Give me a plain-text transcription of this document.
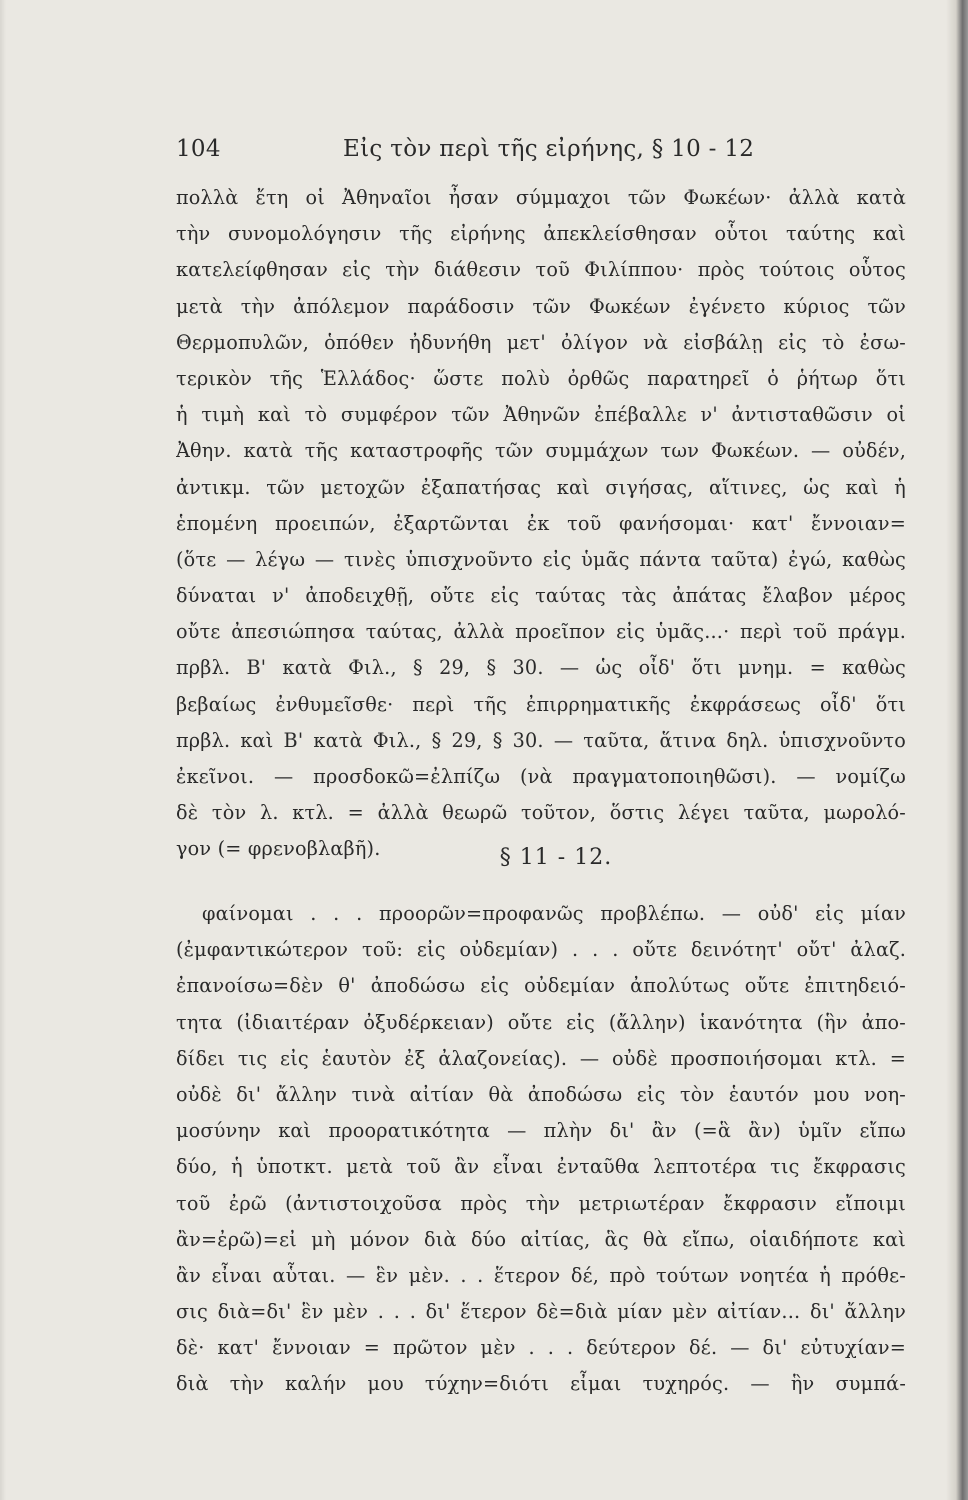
104	Εἰς τὸν περὶ τῆς εἰρήνης, § 10 - 12
πολλὰ ἔτη οἱ Ἀθηναῖοι ἦσαν σύμμαχοι τῶν Φωκέων· ἀλλὰ κατὰ
τὴν συνομολόγησιν τῆς εἰρήνης ἀπεκλείσθησαν οὗτοι ταύτης καὶ
κατελείφθησαν εἰς τὴν διάθεσιν τοῦ Φιλίππου· πρὸς τούτοις οὗτος
μετὰ τὴν ἀπόλεμον παράδοσιν τῶν Φωκέων ἐγένετο κύριος τῶν
Θερμοπυλῶν, ὁπόθεν ἠδυνήθη μετ' ὀλίγον νὰ εἰσβάλῃ εἰς τὸ ἐσω-
τερικὸν τῆς Ἑλλάδος· ὥστε πολὺ ὀρθῶς παρατηρεῖ ὁ ῥήτωρ ὅτι
ἡ τιμὴ καὶ τὸ συμφέρον τῶν Ἀθηνῶν ἐπέβαλλε ν' ἀντισταθῶσιν οἱ
Ἀθην. κατὰ τῆς καταστροφῆς τῶν συμμάχων των Φωκέων. — οὐδέν,
ἀντικμ. τῶν μετοχῶν ἐξαπατήσας καὶ σιγήσας, αἵτινες, ὡς καὶ ἡ
ἑπομένη προειπών, ἐξαρτῶνται ἐκ τοῦ φανήσομαι· κατ' ἔννοιαν=
(ὅτε — λέγω — τινὲς ὑπισχνοῦντο εἰς ὑμᾶς πάντα ταῦτα) ἐγώ, καθὼς
δύναται ν' ἀποδειχθῇ, οὔτε εἰς ταύτας τὰς ἀπάτας ἔλαβον μέρος
οὔτε ἀπεσιώπησα ταύτας, ἀλλὰ προεῖπον εἰς ὑμᾶς...· περὶ τοῦ πράγμ.
πρβλ. Β' κατὰ Φιλ., § 29, § 30. — ὡς οἶδ' ὅτι μνημ. = καθὼς
βεβαίως ἐνθυμεῖσθε· περὶ τῆς ἐπιρρηματικῆς ἐκφράσεως οἶδ' ὅτι
πρβλ. καὶ Β' κατὰ Φιλ., § 29, § 30. — ταῦτα, ἅτινα δηλ. ὑπισχνοῦντο
ἐκεῖνοι. — προσδοκῶ=ἐλπίζω (νὰ πραγματοποιηθῶσι). — νομίζω
δὲ τὸν λ. κτλ. = ἀλλὰ θεωρῶ τοῦτον, ὅστις λέγει ταῦτα, μωρολό-
γον (= φρενοβλαβῆ).	§ 11 - 12.
φαίνομαι . . . προορῶν=προφανῶς προβλέπω. — οὐδ' εἰς μίαν
(ἐμφαντικώτερον τοῦ: εἰς οὐδεμίαν) . . . οὔτε δεινότητ' οὔτ' ἀλαζ.
ἐπανοίσω=δὲν θ' ἀποδώσω εἰς οὐδεμίαν ἀπολύτως οὔτε ἐπιτηδειό-
τητα (ἰδιαιτέραν ὀξυδέρκειαν) οὔτε εἰς (ἄλλην) ἱκανότητα (ἣν ἀπο-
δίδει τις εἰς ἑαυτὸν ἐξ ἀλαζονείας). — οὐδὲ προσποιήσομαι κτλ. =
οὐδὲ δι' ἄλλην τινὰ αἰτίαν θὰ ἀποδώσω εἰς τὸν ἑαυτόν μου νοη-
μοσύνην καὶ προορατικότητα — πλὴν δι' ἂν (=ἃ ἂν) ὑμῖν εἴπω
δύο, ἡ ὑποτκτ. μετὰ τοῦ ἂν εἶναι ἐνταῦθα λεπτοτέρα τις ἔκφρασις
τοῦ ἐρῶ (ἀντιστοιχοῦσα πρὸς τὴν μετριωτέραν ἔκφρασιν εἴποιμι
ἂν=ἐρῶ)=εἰ μὴ μόνον διὰ δύο αἰτίας, ἃς θὰ εἴπω, οἱαιδήποτε καὶ
ἂν εἶναι αὗται. — ἓν μὲν. . . ἕτερον δέ, πρὸ τούτων νοητέα ἡ πρόθε-
σις διὰ=δι' ἓν μὲν . . . δι' ἕτερον δὲ=διὰ μίαν μὲν αἰτίαν... δι' ἄλλην
δὲ· κατ' ἔννοιαν = πρῶτον μὲν . . . δεύτερον δέ. — δι' εὐτυχίαν=
διὰ τὴν καλήν μου τύχην=διότι εἶμαι τυχηρός. — ἣν συμπά-
